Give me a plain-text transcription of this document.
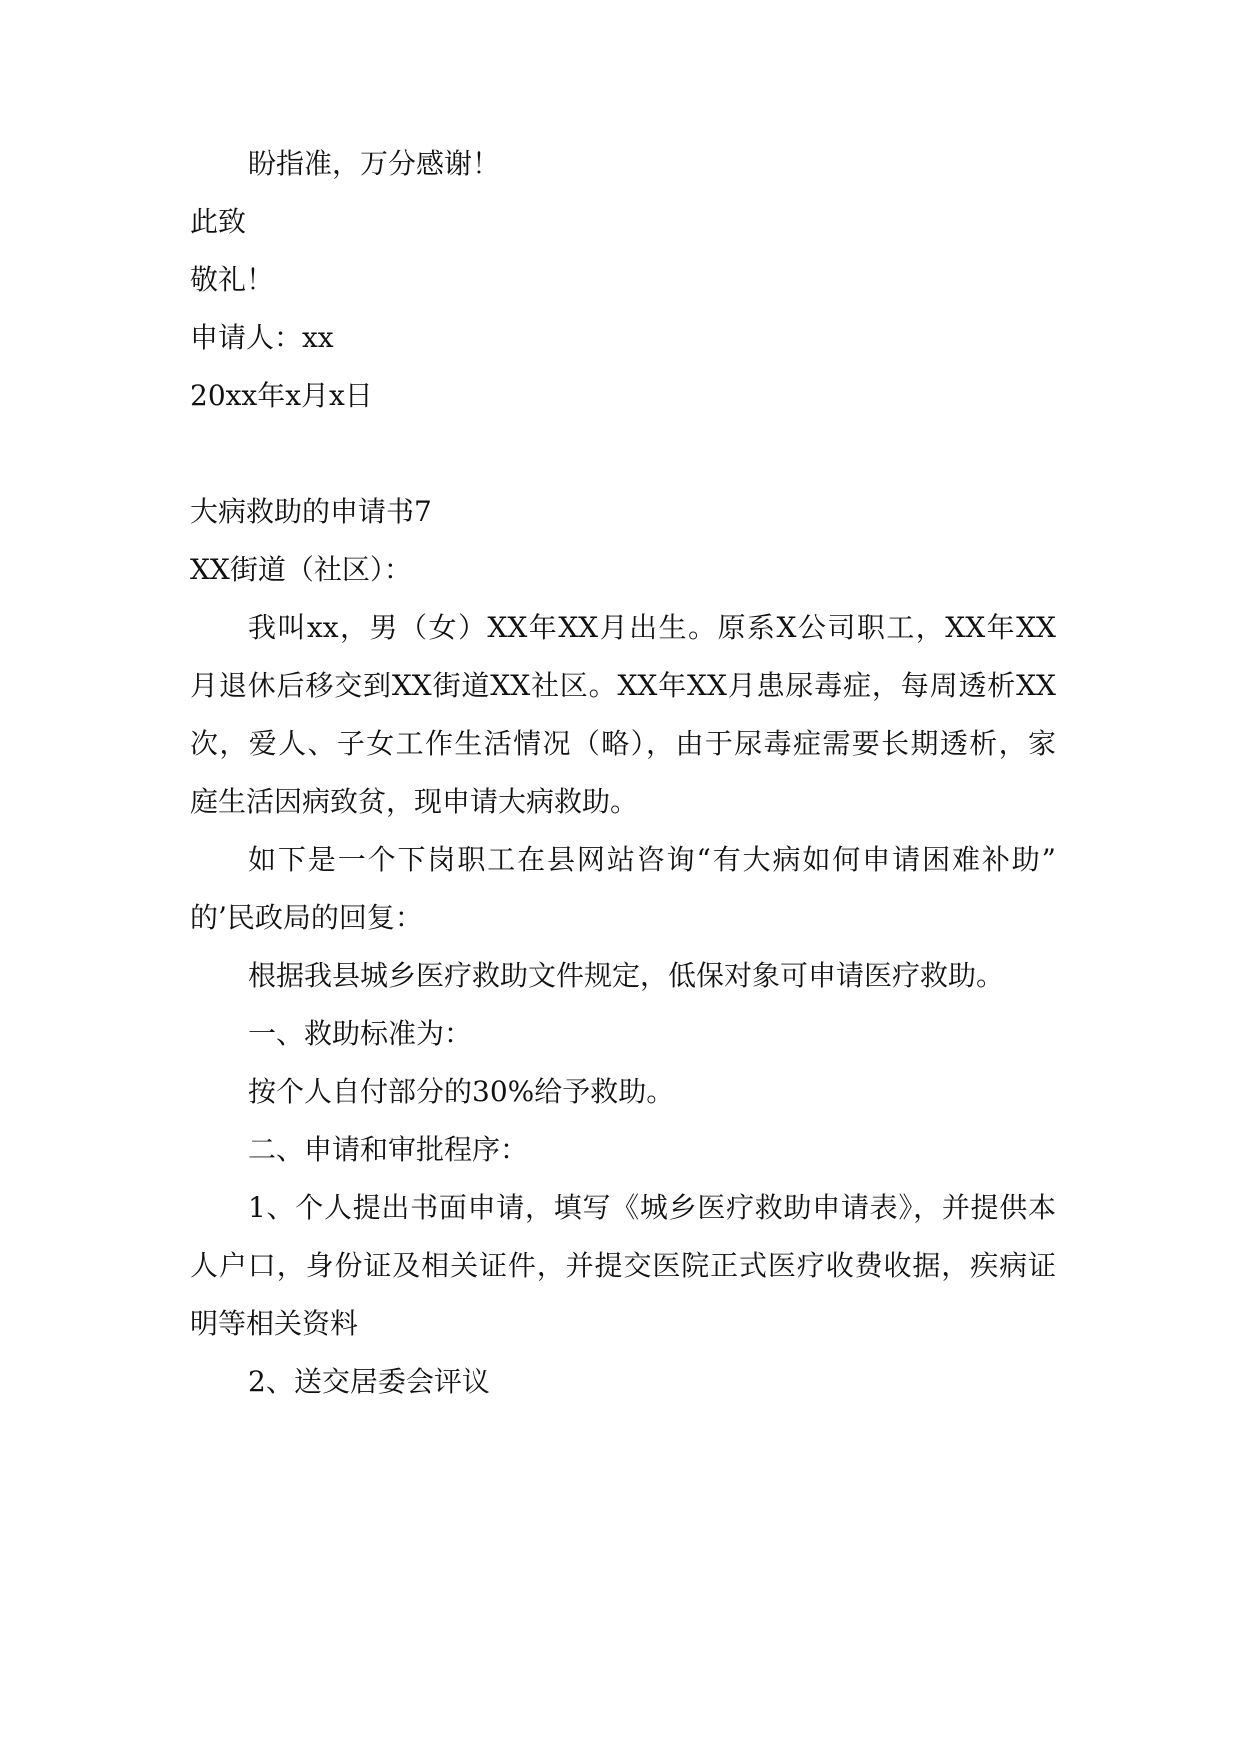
盼指准，万分感谢！
此致
敬礼！
申请人：xx
20xx年x月x日
大病救助的申请书7
XX街道（社区）：
我叫xx，男（女）XX年XX月出生。原系X公司职工，XX年XX
月退休后移交到XX街道XX社区。XX年XX月患尿毒症，每周透析XX
次，爱人、子女工作生活情况（略），由于尿毒症需要长期透析，家
庭生活因病致贫，现申请大病救助。
如下是一个下岗职工在县网站咨询“有大病如何申请困难补助”
的’民政局的回复：
根据我县城乡医疗救助文件规定，低保对象可申请医疗救助。
一、救助标准为：
按个人自付部分的30%给予救助。
二、申请和审批程序：
1、个人提出书面申请，填写《城乡医疗救助申请表》，并提供本
人户口，身份证及相关证件，并提交医院正式医疗收费收据，疾病证
明等相关资料
2、送交居委会评议
